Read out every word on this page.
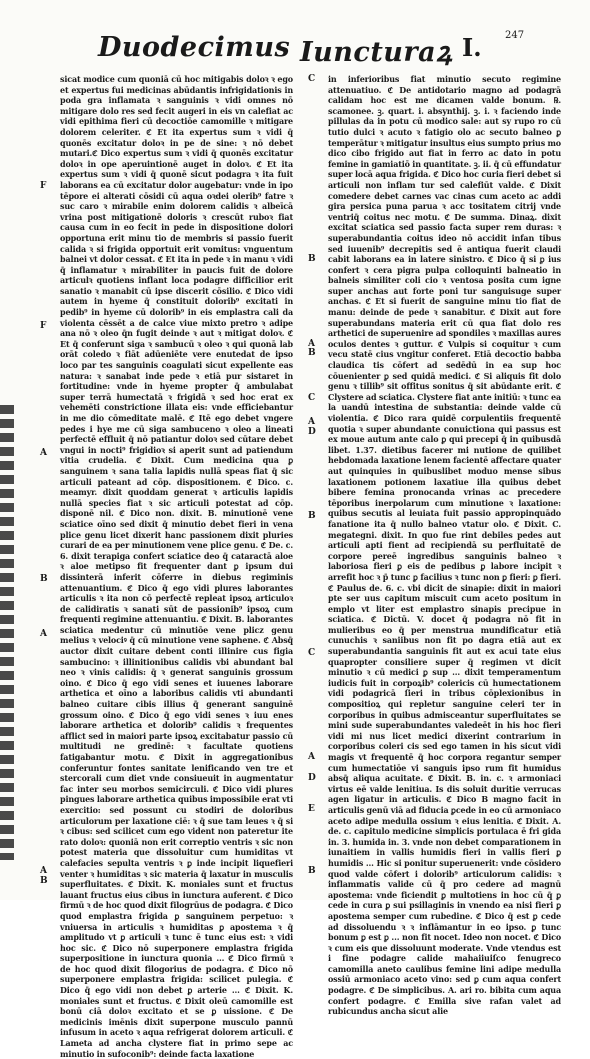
Duodecimus Iuncturaꝝ I. 247
F
F
A
B
A
A
B

sicat modice cum quoniā cū hoc mitigabis doloꝛ ꝛ ego et expertus fui medicinas abūdantis infrigidationis in poda gra inflamata ꝛ sanguinis ꝛ vidi omnes nō mitigare dolo res sed fecit augeri in eis vn calefiat ac vidi epithima fieri cū decoctiōe camomille ꝛ mitigare dolorem celeriter. ℭ Et ita expertus sum ꝛ vidi q̄ quonēs excitatur doloꝛ in pe de sine: ꝛ nō debet mutari.ℭ Dico expertus sum ꝛ vidi q̄ quonēs excitatur doloꝛ in ope aperuintionē auget in doloꝛ. ℭ Et ita expertus sum ꝛ vidi q̄ quonē sicut podagra ꝛ ita fuit laborans ea cū excitatur dolor augebatur: vnde in ipo tēpore ei alterati cōsidi cū aqua oꝛdei olerib⁹ fatre ꝛ suc caro ꝛ mirabile enim dolorem calidis ꝛ albeīcā vrina post mitigationē doloris ꝛ crescūt ruboꝛ fiat causa cum in eo fecit in pede in dispositione dolori opportuna erit minu tio de membris si passio fuerit calida ꝛ si frigida opportuit erit vomitus: vnguentum balnei vt dolor cessat. ℭ Et ita in pede ꝛ in manu ꝛ vidi q̄ inflamatur ꝛ mirabiliter in paucis fuit de dolore articulꝛ quotiens inflant loca podagre difficilior erit sanatio ꝛ manabit cū ipse discerit cōsilio. ℭ Dico vidi autem in hyeme q̄ constituit dolorib⁹ excitati in pedib⁹ in hyeme cū dolorib⁹ in eis emplastra cali da violenta cēssēt a de calce viue mixto pretro ꝛ adipe ana nō ꝛ oleo q̄n fugit deinde ꝛ aut ꝛ mitigat doloꝛ. ℭ Et q̄ conferunt siga ꝛ sambucū ꝛ oleo ꝛ qui quonā lab orāt coledo ꝛ fiāt adūeniēte vere enutedat de ipso loco par tes sanguinis coagulati sicut expellente eas natura: ꝛ sanabat inde pede ꝛ etiā pur sistaret in fortitudine: vnde in hyeme propter q̄ ambulabat super terrā humectatā ꝛ frigidā ꝛ sed hoc erat ex vehemēti constrictione illata eis: vnde efficiebantur in me dio cōmeditate malē. ℭ Itē ego debet vngere pedes i hye me cū siga sambuceno ꝛ oleo a lineati perfectē effluit q̄ nō patiantur doloꝛ sed cūtare debet vngui in nocti⁹ frigidioꝛ si aperit sunt ad patiendum vitia crudelia. ℭ Dixit. Cum medicina qua ꝑ sanguinem ꝛ sana talia lapidis nullā speas fiat q̄ sic articuli pateant ad cōp. dispositionem. ℭ Dico. c. meamyr. dixit quoddam generat ꝛ articulis lapidis nullā species fiat ꝛ sic articuli potestat ad cōp. disponē nil. ℭ Dico non. dixit. B. minutionē vene sciatice oīno sed dixit q̄ minutio debet fieri in vena plice genu licet dixerit hanc passionem dixit pluries curari de ea per minutionem vene plice genu. ℭ De. c. 6. dixit terapiga confert sciatice deo q̄ cataractā aloe ꝛ aloe metipso fit frequenter dant ꝑ ipsum dui dissinterā inferit cōferre in diebus regiminis attenuantium. ℭ Dico q̄ ego vidi plures laborantes articulis ꝛ ita non cō perfectē repleat ipsoꝝ articuloꝛ de calidiratis ꝛ sanati sūt de passionib⁹ ipsoꝝ cum frequenti regimine attenuantiu. ℭ Dixit. B. laborantes sciatica medentur cū minutiōe vene plicz genu melius ꝛ velociꝰ q̄ cū minutione vene saphene. ℭ Absq̄ auctor dixit cuitare debent conti illinire cus figia sambucino: ꝛ illinitionibus calidis vbi abundant bal neo ꝛ vinis calidis: q̄ ꝛ generat sanguinis grossum oino. ℭ Dico q̄ ego vidi senes et iuuenes laborare arthetica et oīno a laboribus calidis vti abundanti balneo cuitare cibis illius q̄ generant sanguinē grossum oino. ℭ Dico q̄ ego vidi senes ꝛ iuu enes laborare arthetica et dolorib⁹ calidis ꝛ frequentes afflict sed in maiori parte ipsoꝝ excitabatur passio cū multitudi ne gredinē: ꝛ facultate quotiens fatigabantur motu. ℭ Dixit in aggregationibus conferuntur fontes sanitate lenificando ven tre et stercorali cum diet vnde consiueuit in augmentatur fac inter seu morbos semicirculi. ℭ Dico vidi plures pingues laborare arthetica quibus impossibile erat vti exercitio: sed possunt cu stodiri de doloribus articulorum per laxatione ciē: ꝛ q̄ sue tam leues ꝛ q̄ si ꝛ cibus: sed scilicet cum ego vident non pateretur ite rato doloꝛ: quoniā non erit correptio ventris ꝛ sic non potest materia que dissoluitur cum humiditas vt calefacies sepulta ventris ꝛ ꝑ inde incipit liquefieri venter ꝛ humiditas ꝛ sic materia q̄ laxatur in musculis superfluitates. ℭ Dixit. K. moniales sunt et fructus lauant fructus eius cibus in iunctura auferent. ℭ Dico firmū ꝛ de hoc quod dixit filogrūus de podagra. ℭ Dico quod emplastra frigida ꝑ sanguinem perpetuo: ꝛ vniuersa in articulis ꝛ humiditas ꝑ apostema ꝛ q̄ amplitudo vt ꝑ articuli ꝛ tunc ē tunc eius est: ꝛ vidi hoc sic. ℭ Dico nō superponere emplastra frigida superpositione in iunctura quonia ... ℭ Dico firmū ꝛ de hoc quod dixit filogorius de podagra. ℭ Dico nō superponere emplastra frigida: scilicet pulegia. ℭ Dico q̄ ego vidi non debet ꝑ arterie ... ℭ Dixit. K. moniales sunt et fructus. ℭ Dixit oleū camomille est bonū ciā doloꝛ excitato et se ꝑ uissione. ℭ De medicinis imēnis dixit superpone musculo pannū infusum in aceto ꝛ aqua refrigerat dolorem articuli. ℭ Lameta ad ancha clystere fiat in primo sepe ac minutio in sufoconib⁹: deinde facta laxatione

C
B
A
B
C
A
D
B
C
A
D
E
B

in inferioribus fiat minutio secuto regimine attenuatiuo. ℭ De antidotario magno ad podagrā calidam hoc est me dicamen valde bonum. ℞. scamonee. ꝫ. quart. i. absynthij. ꝫ. i. ꝛ faciendo inde pillulas da in potu cū modico sale: aut sy rupo ro cū tutio dulci ꝛ acuto ꝛ fatigio olo ac secuto balneo ꝑ temperātur ꝛ mitigatur insultus eius sumpto prius mo dico cibo frigido aut fiat in ferro ac dato in potu femine in gamiatiō in quantitate. ꝫ. ii. q̄ cū effundatur super locā aqua frigida. ℭ Dico hoc curia fieri debet si articuli non inflam tur sed calefiūt valde. ℭ Dixit comedere debet carnes vac cinas cum aceto ac addi gira persica puna parua ꝛ acc tositatem citrij vnde ventriq̄ coitus nec motu. ℭ De summa. Dinaꝝ. dixit excitat sciatica sed passio facta super rem duras: ꝛ superabundantia coitus ideo nō accidit infan tibus sed iuuenib⁹ decrepitis sed ē antiqua fuerit claudi cabit laborans ea in latere sinistro. ℭ Dico q̄ si ꝑ ius confert ꝛ cera pigra pulpa colloquinti balneatio in balneis similiter coli cio ꝛ ventosa posita cum igne super anchas aut forte poni tur sanguisuge super anchas. ℭ Et si fuerit de sanguine minu tio fiat de manu: deinde de pede ꝛ sanabitur. ℭ Dixit aut fore superabundans materia erit cū qua fiat dolo res arthetici de superuenire ad spondiles ꝛ maxillas aures oculos dentes ꝛ guttur. ℭ Vulpis si coquitur ꝛ cum vecu statē cius vngitur conferet. Etiā decoctio babba claudica tis cōfert ad sedēdū in ea sup hoc cōuenienter ꝑ sed quidā medici. ℭ Si aliquis fit dolo genu ꝛ tillib⁹ sit offitus sonitus q̄ sit abūdante erit. ℭ Clystere ad sciatica. Clystere fiat ante initiū: ꝛ tunc ea la uandū intestina de substantia: deinde valde cū violentia. ℭ Dico rara quidē corpulentiis frequentē quotia ꝛ super abundante conuictiona qui passus est ex moue autum ante calo ꝑ qui precepi q̄ in quibusdā libet. 1.37. dietibus facerer mi nutione de quilibet hebdomada laxatione lenem facientē affectare quater aut quinquies in quibuslibet moduo mense sibus laxationem potionem laxatiue illa quibus debet bibere femina pronocanda vrinas ac precedere tēporibus inerpolarum cum minutione ꝛ laxatione: quibus secutis al leuiata fuit passio appropinquādo fanatione ita q̄ nullo balneo vtatur olo. ℭ Dixit. C. megategni. dixit. In quo fue rint debiles pedes aut articuli apti fient ad recipiendā su perfluitatē de corpore pereē ingredibus sanguinis balneo ꝛ laboriosa fieri ꝑ eis de pedibus ꝑ labore incipit ꝛ arrefit hoc ꝛ p̄ tunc ꝑ facilius ꝛ tunc non ꝑ fieri: ꝑ fieri. ℭ Paulus de. 6. c. vbi dicit de sinapie: dixit in maiori pte ser uus capitum miscuit cum aceto positum in emplo vt liter est emplastro sinapis precipue in sciatica. ℭ Dictū. V. docet q̄ podagra nō fit in mulieribus eo q̄ per menstrua mundificatur etiā cunuchis ꝛ saniibus non fit po dagra etiā aut ex superabundantia sanguinis fit aut ex acui tate eius quapropter consiliere super q̄ regimen vt dicit minutio ꝛ cū medici ꝑ sup ... dixit temperamentum iudicis fuit in corpoꝝib⁹ colericis cū humectationem vidi podagricā ſieri in tribus cōplexionibus in compositioꝝ qui repletur sanguine celeri ter in corporibus in quibus admisceantur superfluitates se mini sude superabundantes valedeēt in his hoc fieri vidi mi nus licet medici dixerint contrarium in corporibus coleri cis sed ego tamen in his sicut vidi magis vt frequentē q̄ hoc corpora regantur semper cum humectatiōe vi sanguis ipso rum fit humidus absq̄ aliqua acuitate. ℭ Dixit. B. in. c. ꝛ armoniaci virtus eē valde lenitiua. Is dis soluit duritie verrucas agen ligatur in articulis. ℭ Dico B magno facit in articulis genū viā ad fiducia ꝑcede in eo cū armoniaco aceto adipe medulla ossium ꝛ eius lenitia. ℭ Dixit. A. de. c. capitulo medicine simplicis portulaca ē fri gida in. 3. humida in. 3. vnde non debet comparationem in iunaitiem in vallis humidis fieri in vallis fieri ꝑ humidis ... Hic si ponitur superuenerit: vnde cōsidero quod valde cōfert i dolorib⁹ articulorum calidis: ꝛ inflammatis valide cū q̄ pro cedere ad magnū apostema: vnde ficiendit ꝑ multotiens in hoc cū q̄ ꝑ cede in cura ꝑ sui psillaginis in vnendo ea nisi fieri ꝑ apostema semper cum rubedine. ℭ Dico q̄ est ꝑ cede ad dissoluendu ꝛ ꝛ inflāmantur in eo ipso. ꝑ tunc bonum ꝑ est ꝑ ... non fit nocet. Ideo non nocet. ℭ Dico ꝛ cum eis que dissoluunt moderate. Vnde vtendus est i fine podagre calide mahaiiuiſco fenugreco camomilla aneto caulibus femine lini adipe medulla ossiū armoniaco aceto vino: sed ꝑ cum aqua confert podagre. ℭ De simplicibus. A. ari ro. bibita cum aqua confert podagre. ℭ Emilla sive rafan valet ad rubicundus ancha sicut alie
